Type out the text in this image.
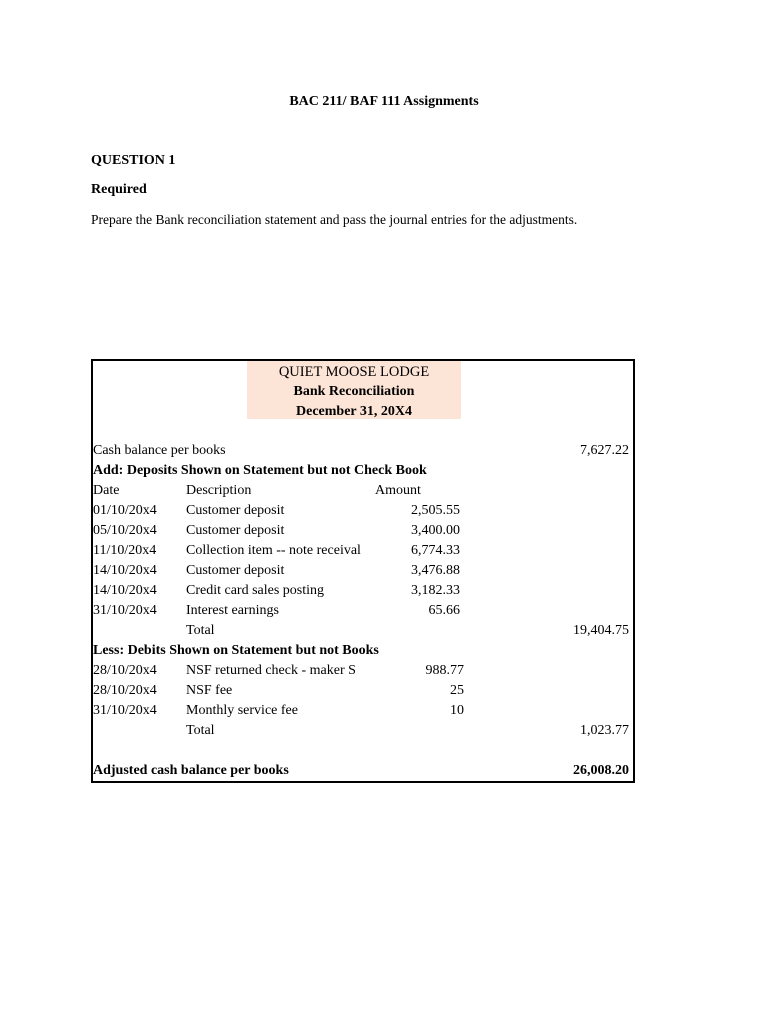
BAC 211/ BAF 111 Assignments
QUESTION 1
Required
Prepare the Bank reconciliation statement and pass the journal entries for the adjustments.
QUIET MOOSE LODGE
Bank Reconciliation
December 31, 20X4
Cash balance per books	7,627.22
Add: Deposits Shown on Statement but not Check Book
Date	Description	Amount
01/10/20x4 Customer deposit	2,505.55
05/10/20x4 Customer deposit	3,400.00
11/10/20x4 Collection item -- note receival	6,774.33
14/10/20x4 Customer deposit	3,476.88
14/10/20x4 Credit card sales posting	3,182.33
31/10/20x4 Interest earnings	65.66
Total	19,404.75
Less: Debits Shown on Statement but not Books
28/10/20x4 NSF returned check - maker S	988.77
28/10/20x4 NSF fee	25
31/10/20x4 Monthly service fee	10
Total	1,023.77
Adjusted cash balance per books	26,008.20
